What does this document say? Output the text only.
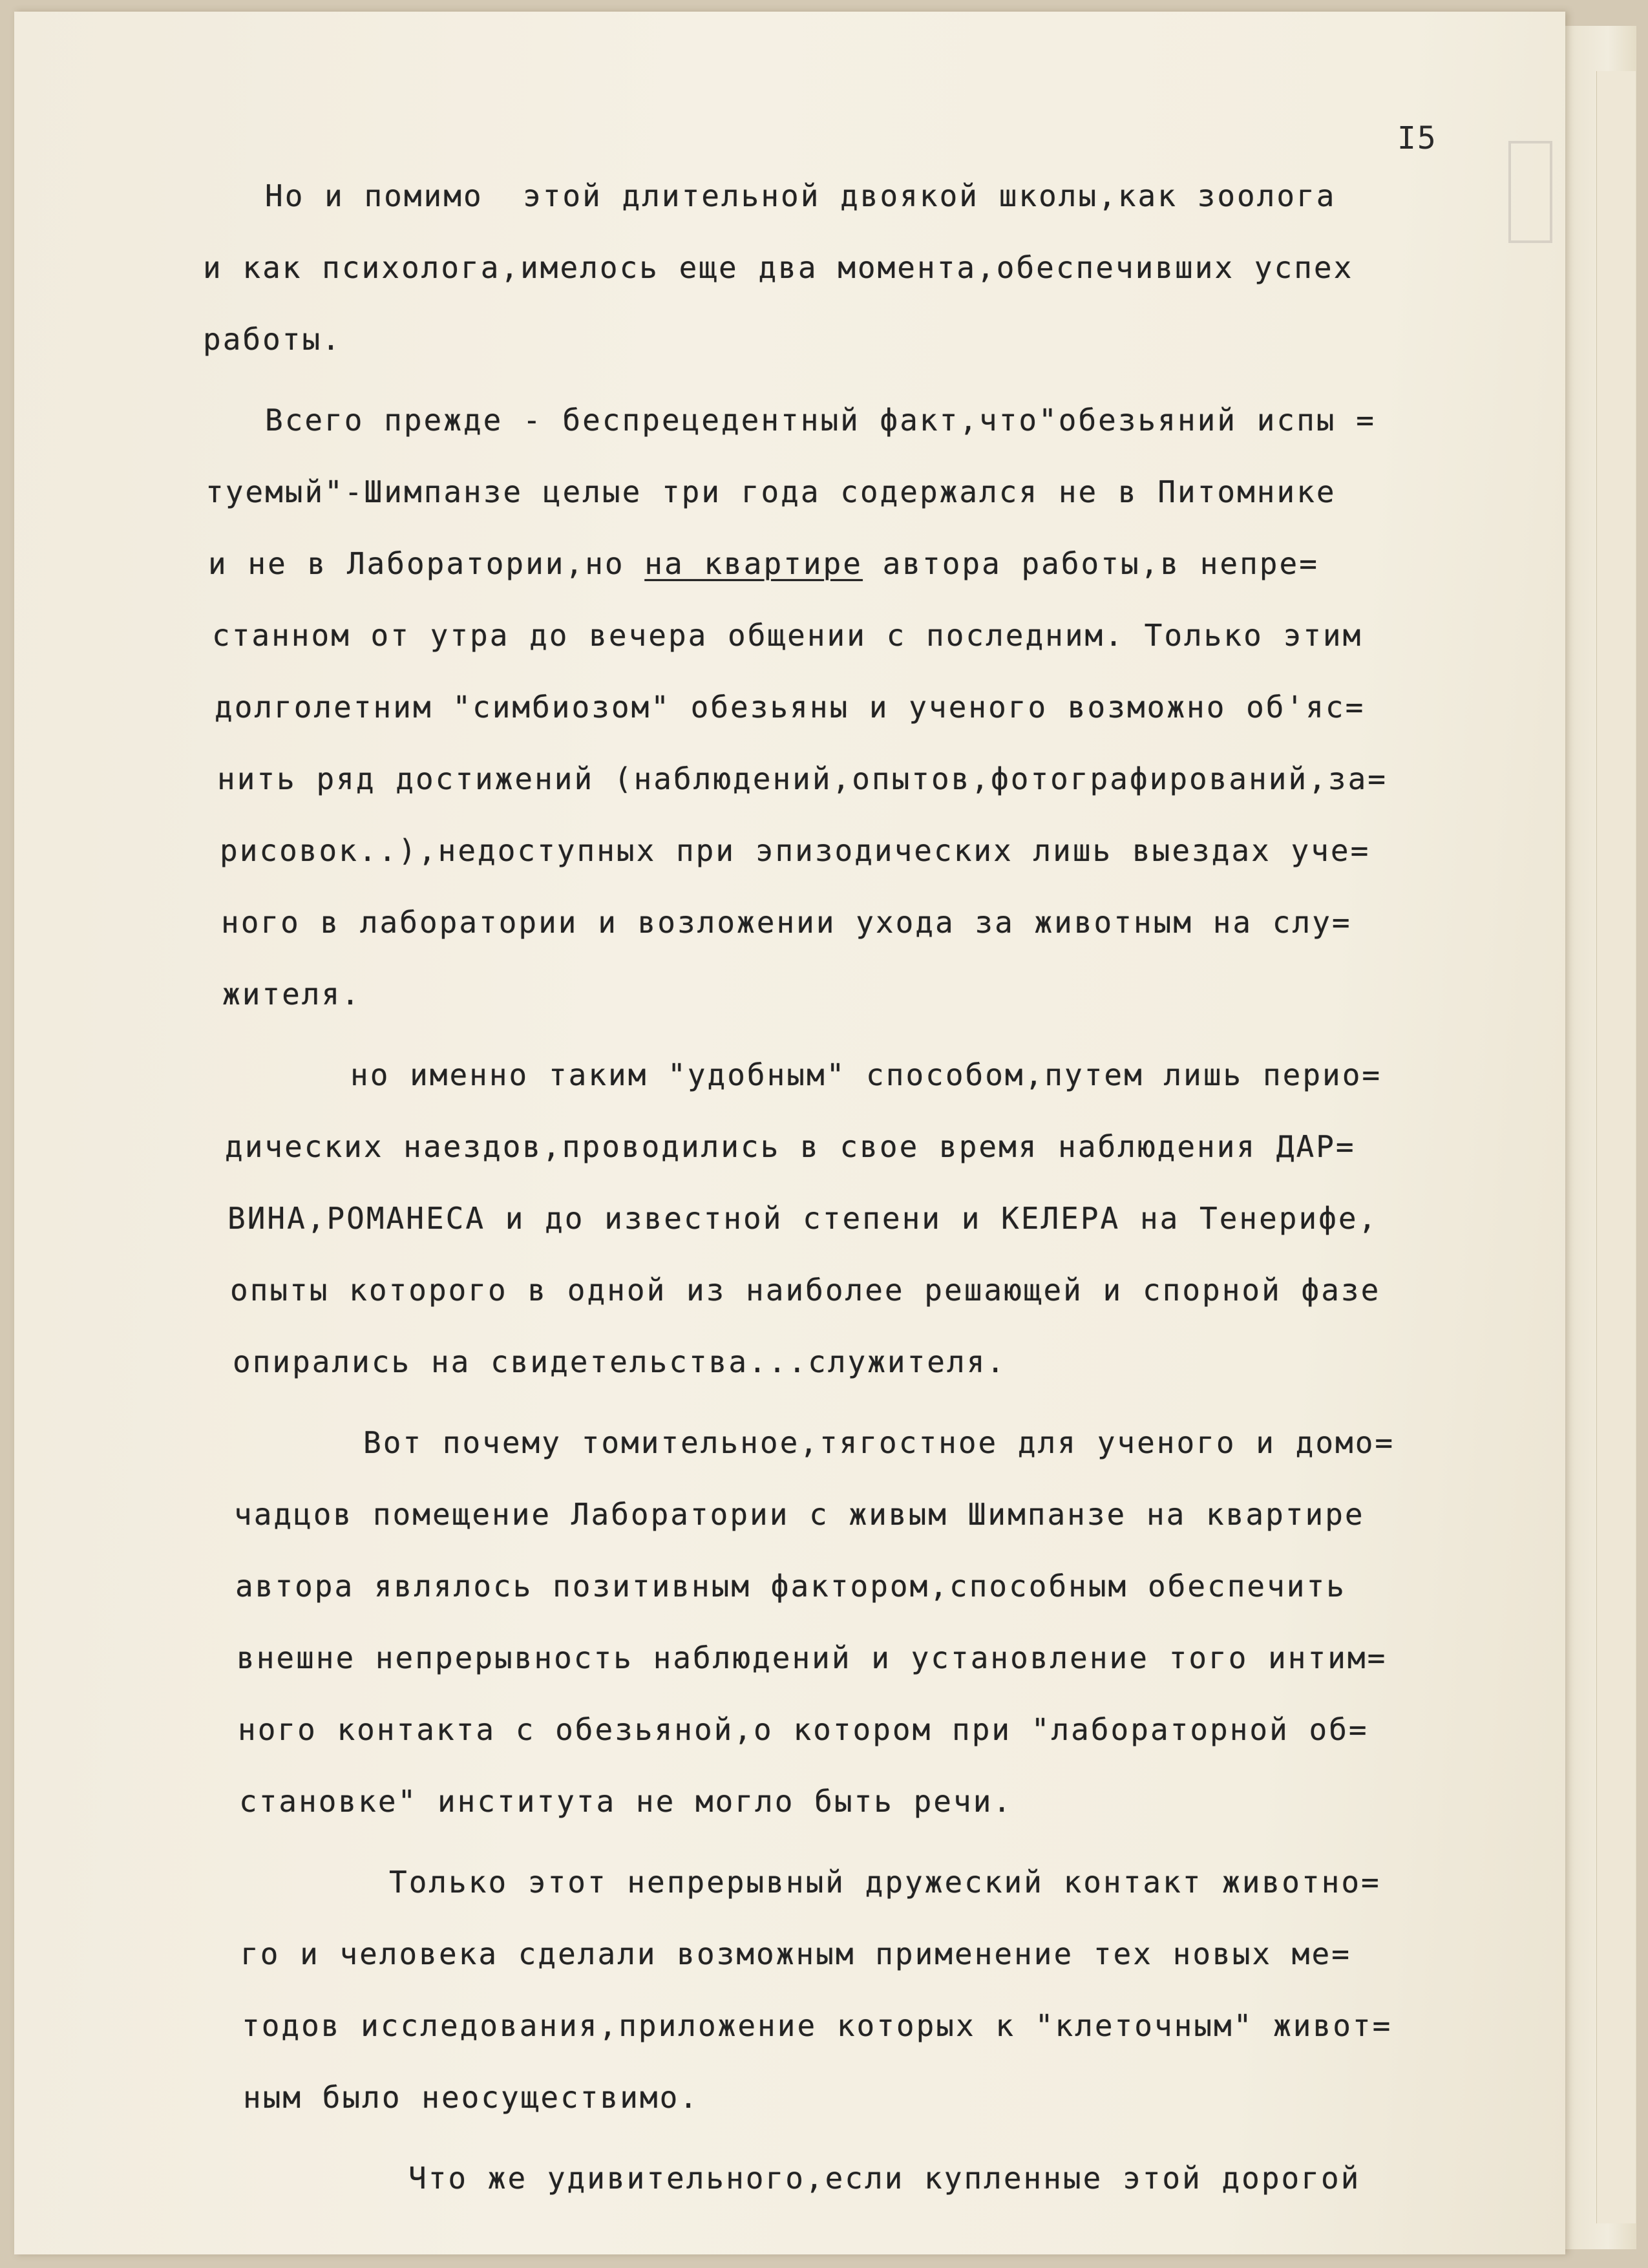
I5
Но и помимо  этой длительной двоякой школы,как зоолога
и как психолога,имелось еще два момента,обеспечивших успех
работы.
Всего прежде - беспрецедентный факт,что"обезьяний испы =
туемый"-Шимпанзе целые три года содержался не в Питомнике
и не в Лаборатории,но на квартире автора работы,в непре=
станном от утра до вечера общении с последним. Только этим
долголетним "симбиозом" обезьяны и ученого возможно об'яс=
нить ряд достижений (наблюдений,опытов,фотографирований,за=
рисовок..),недоступных при эпизодических лишь выездах уче=
ного в лаборатории и возложении ухода за животным на слу=
жителя.
но именно таким "удобным" способом,путем лишь перио=
дических наездов,проводились в свое время наблюдения ДАР=
ВИНА,РОМАНЕСА и до известной степени и КЕЛЕРА на Тенерифе,
опыты которого в одной из наиболее решающей и спорной фазе
опирались на свидетельства...служителя.
Вот почему томительное,тягостное для ученого и домо=
чадцов помещение Лаборатории с живым Шимпанзе на квартире
автора являлось позитивным фактором,способным обеспечить
внешне непрерывность наблюдений и установление того интим=
ного контакта с обезьяной,о котором при "лабораторной об=
становке" института не могло быть речи.
Только этот непрерывный дружеский контакт животно=
го и человека сделали возможным применение тех новых ме=
тодов исследования,приложение которых к "клеточным" живот=
ным было неосуществимо.
Что же удивительного,если купленные этой дорогой
